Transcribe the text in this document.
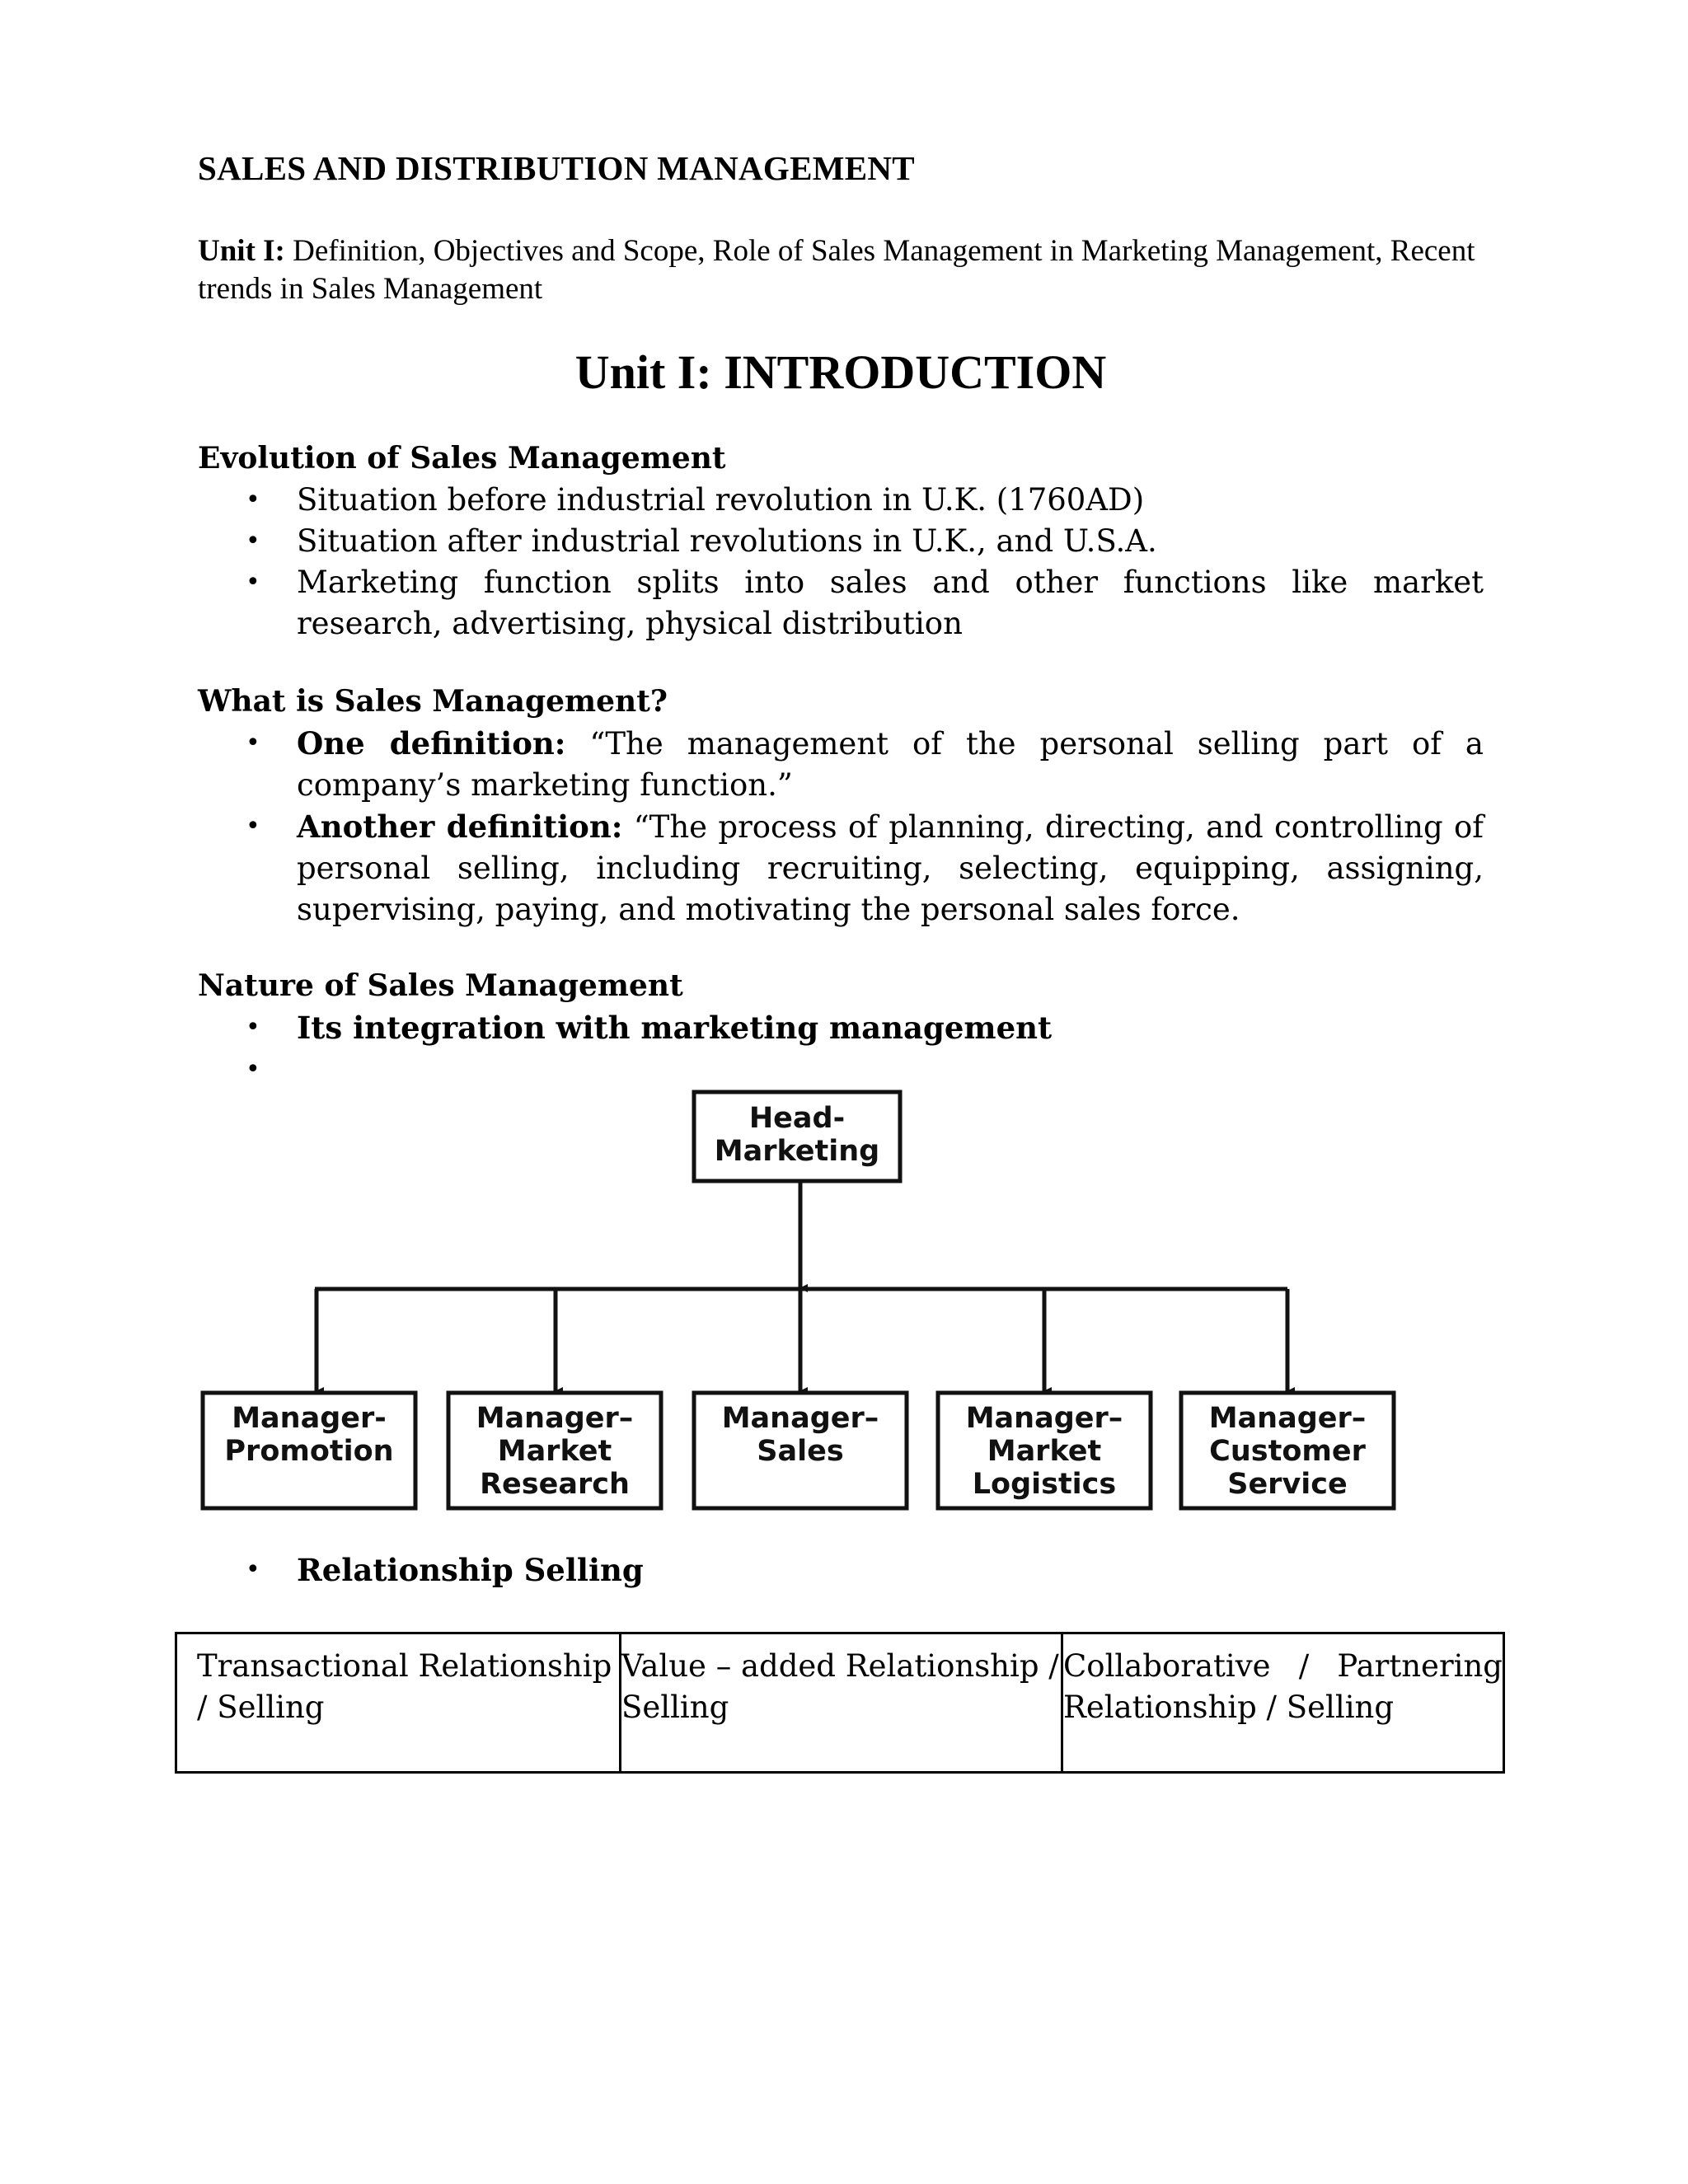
SALES AND DISTRIBUTION MANAGEMENT
Unit I: Definition, Objectives and Scope, Role of Sales Management in Marketing Management, Recent trends in Sales Management
Unit I: INTRODUCTION
Evolution of Sales Management
• Situation before industrial revolution in U.K. (1760AD)
• Situation after industrial revolutions in U.K., and U.S.A.
• Marketing function splits into sales and other functions like market research, advertising, physical distribution
What is Sales Management?
• One definition: “The management of the personal selling part of a company’s marketing function.”
• Another definition: “The process of planning, directing, and controlling of personal selling, including recruiting, selecting, equipping, assigning, supervising, paying, and motivating the personal sales force.
Nature of Sales Management
• Its integration with marketing management
•
Head-
Marketing
Manager-
Promotion
Manager–
Market
Research
Manager–
Sales
Manager–
Market
Logistics
Manager–
Customer
Service
• Relationship Selling
Transactional Relationship / Selling
Value – added Relationship / Selling
Collaborative / Partnering Relationship / Selling
